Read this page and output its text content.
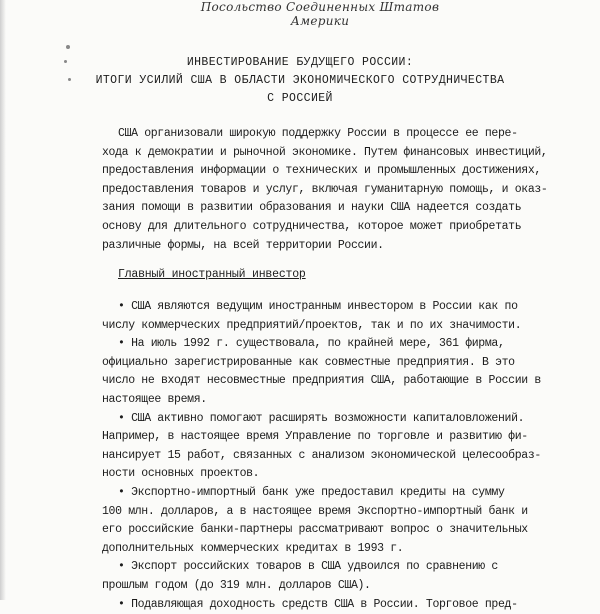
Посольство Соединенных Штатов Америки
ИНВЕСТИРОВАНИЕ БУДУЩЕГО РОССИИ:
ИТОГИ УСИЛИЙ США В ОБЛАСТИ ЭКОНОМИЧЕСКОГО СОТРУДНИЧЕСТВА
С РОССИЕЙ
США организовали широкую поддержку России в процессе ее пере-
хода к демократии и рыночной экономике. Путем финансовых инвестиций,
предоставления информации о технических и промышленных достижениях,
предоставления товаров и услуг, включая гуманитарную помощь, и оказ-
зания помощи в развитии образования и науки США надеется создать
основу для длительного сотрудничества, которое может приобретать
различные формы, на всей территории России.
Главный иностранный инвестор
• США являются ведущим иностранным инвестором в России как по
числу коммерческих предприятий/проектов, так и по их значимости.
• На июль 1992 г. существовала, по крайней мере, 361 фирма,
официально зарегистрированные как совместные предприятия. В это
число не входят несовместные предприятия США, работающие в России в
настоящее время.
• США активно помогают расширять возможности капиталовложений.
Например, в настоящее время Управление по торговле и развитию фи-
нансирует 15 работ, связанных с анализом экономической целесообраз-
ности основных проектов.
• Экспортно-импортный банк уже предоставил кредиты на сумму
100 млн. долларов, а в настоящее время Экспортно-импортный банк и
его российские банки-партнеры рассматривают вопрос о значительных
дополнительных коммерческих кредитах в 1993 г.
• Экспорт российских товаров в США удвоился по сравнению с
прошлым годом (до 319 млн. долларов США).
• Подавляющая доходность средств США в России. Торговое пред-
